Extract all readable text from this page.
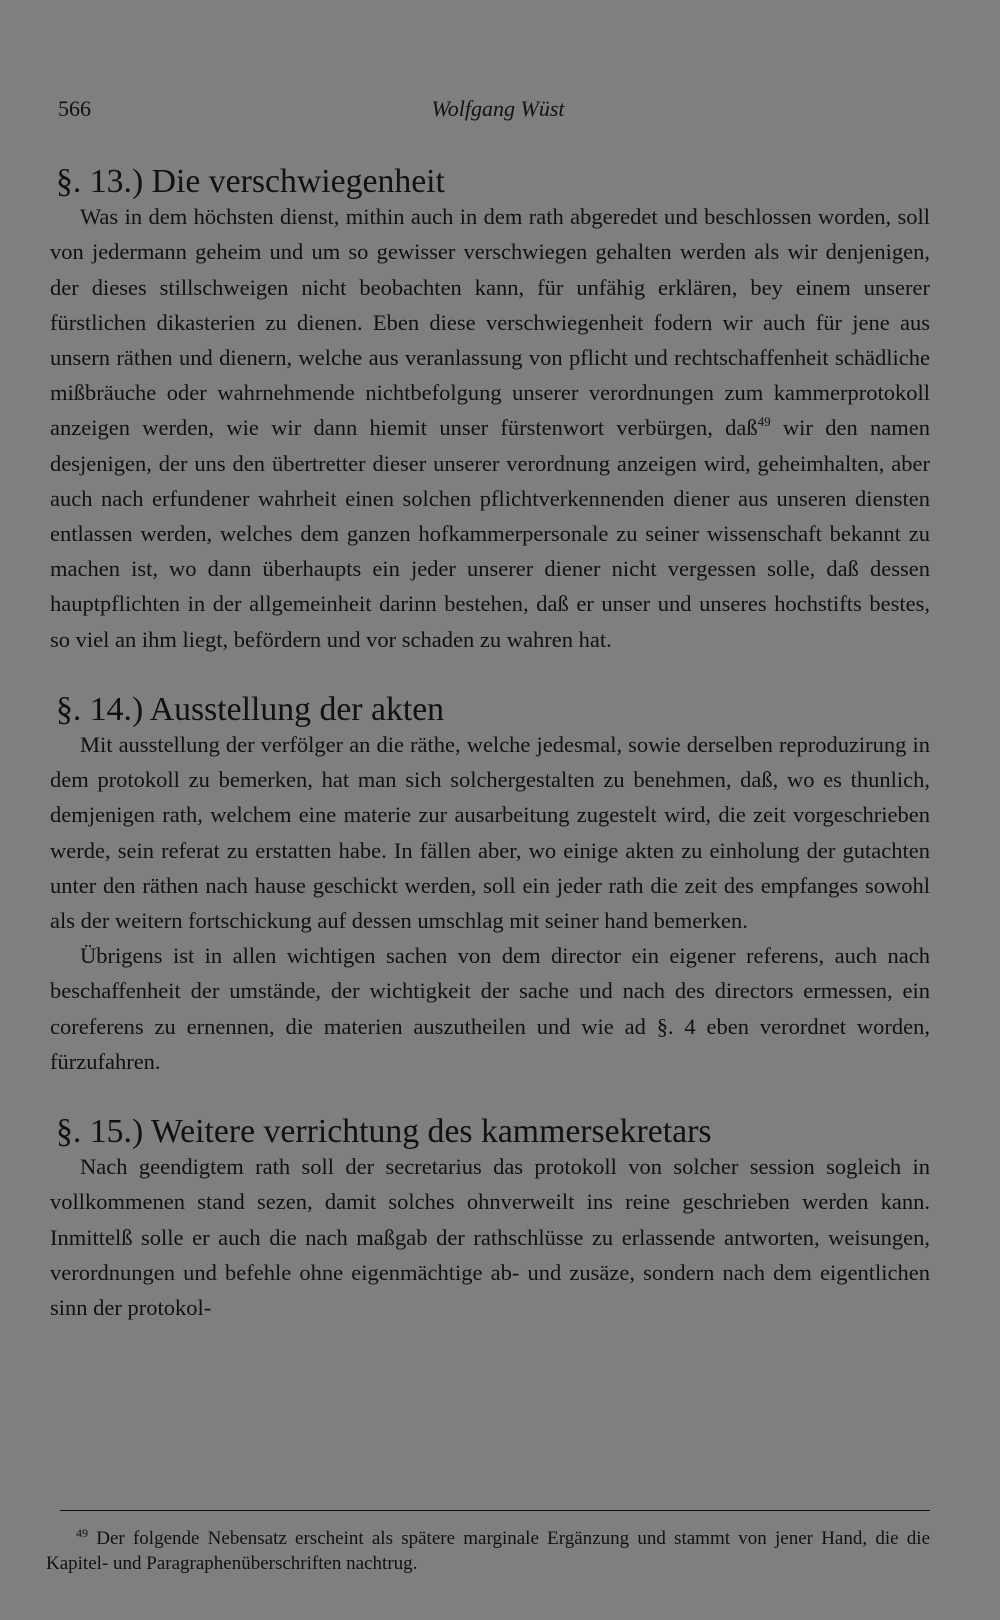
566	Wolfgang Wüst
§. 13.) Die verschwiegenheit

Was in dem höchsten dienst, mithin auch in dem rath abgeredet und beschlossen worden, soll von jedermann geheim und um so gewisser verschwiegen gehalten werden als wir denjenigen, der dieses stillschweigen nicht beobachten kann, für unfähig erklären, bey einem unserer fürstlichen dikasterien zu dienen. Eben diese verschwiegenheit fodern wir auch für jene aus unsern räthen und dienern, welche aus veranlassung von pflicht und rechtschaffenheit schädliche mißbräuche oder wahrnehmende nichtbefolgung unserer verordnungen zum kammerprotokoll anzeigen werden, wie wir dann hiemit unser fürstenwort verbürgen, daß$^{49}$ wir den namen desjenigen, der uns den übertretter dieser unserer verordnung anzeigen wird, geheimhalten, aber auch nach erfundener wahrheit einen solchen pflichtverkennenden diener aus unseren diensten entlassen werden, welches dem ganzen hofkammerpersonale zu seiner wissenschaft bekannt zu machen ist, wo dann überhaupts ein jeder unserer diener nicht vergessen solle, daß dessen hauptpflichten in der allgemeinheit darinn bestehen, daß er unser und unseres hochstifts bestes, so viel an ihm liegt, befördern und vor schaden zu wahren hat.

§. 14.) Ausstellung der akten

Mit ausstellung der verfölger an die räthe, welche jedesmal, sowie derselben reproduzirung in dem protokoll zu bemerken, hat man sich solchergestalten zu benehmen, daß, wo es thunlich, demjenigen rath, welchem eine materie zur ausarbeitung zugestelt wird, die zeit vorgeschrieben werde, sein referat zu erstatten habe. In fällen aber, wo einige akten zu einholung der gutachten unter den räthen nach hause geschickt werden, soll ein jeder rath die zeit des empfanges sowohl als der weitern fortschickung auf dessen umschlag mit seiner hand bemerken.

Übrigens ist in allen wichtigen sachen von dem director ein eigener referens, auch nach beschaffenheit der umstände, der wichtigkeit der sache und nach des directors ermessen, ein coreferens zu ernennen, die materien auszutheilen und wie ad §. 4 eben verordnet worden, fürzufahren.

§. 15.) Weitere verrichtung des kammersekretars

Nach geendigtem rath soll der secretarius das protokoll von solcher session sogleich in vollkommenen stand sezen, damit solches ohnverweilt ins reine geschrieben werden kann. Inmittelß solle er auch die nach maßgab der rathschlüsse zu erlassende antworten, weisungen, verordnungen und befehle ohne eigenmächtige ab- und zusäze, sondern nach dem eigentlichen sinn der protokol-

$^{49}$ Der folgende Nebensatz erscheint als spätere marginale Ergänzung und stammt von jener Hand, die die Kapitel- und Paragraphenüberschriften nachtrug.
